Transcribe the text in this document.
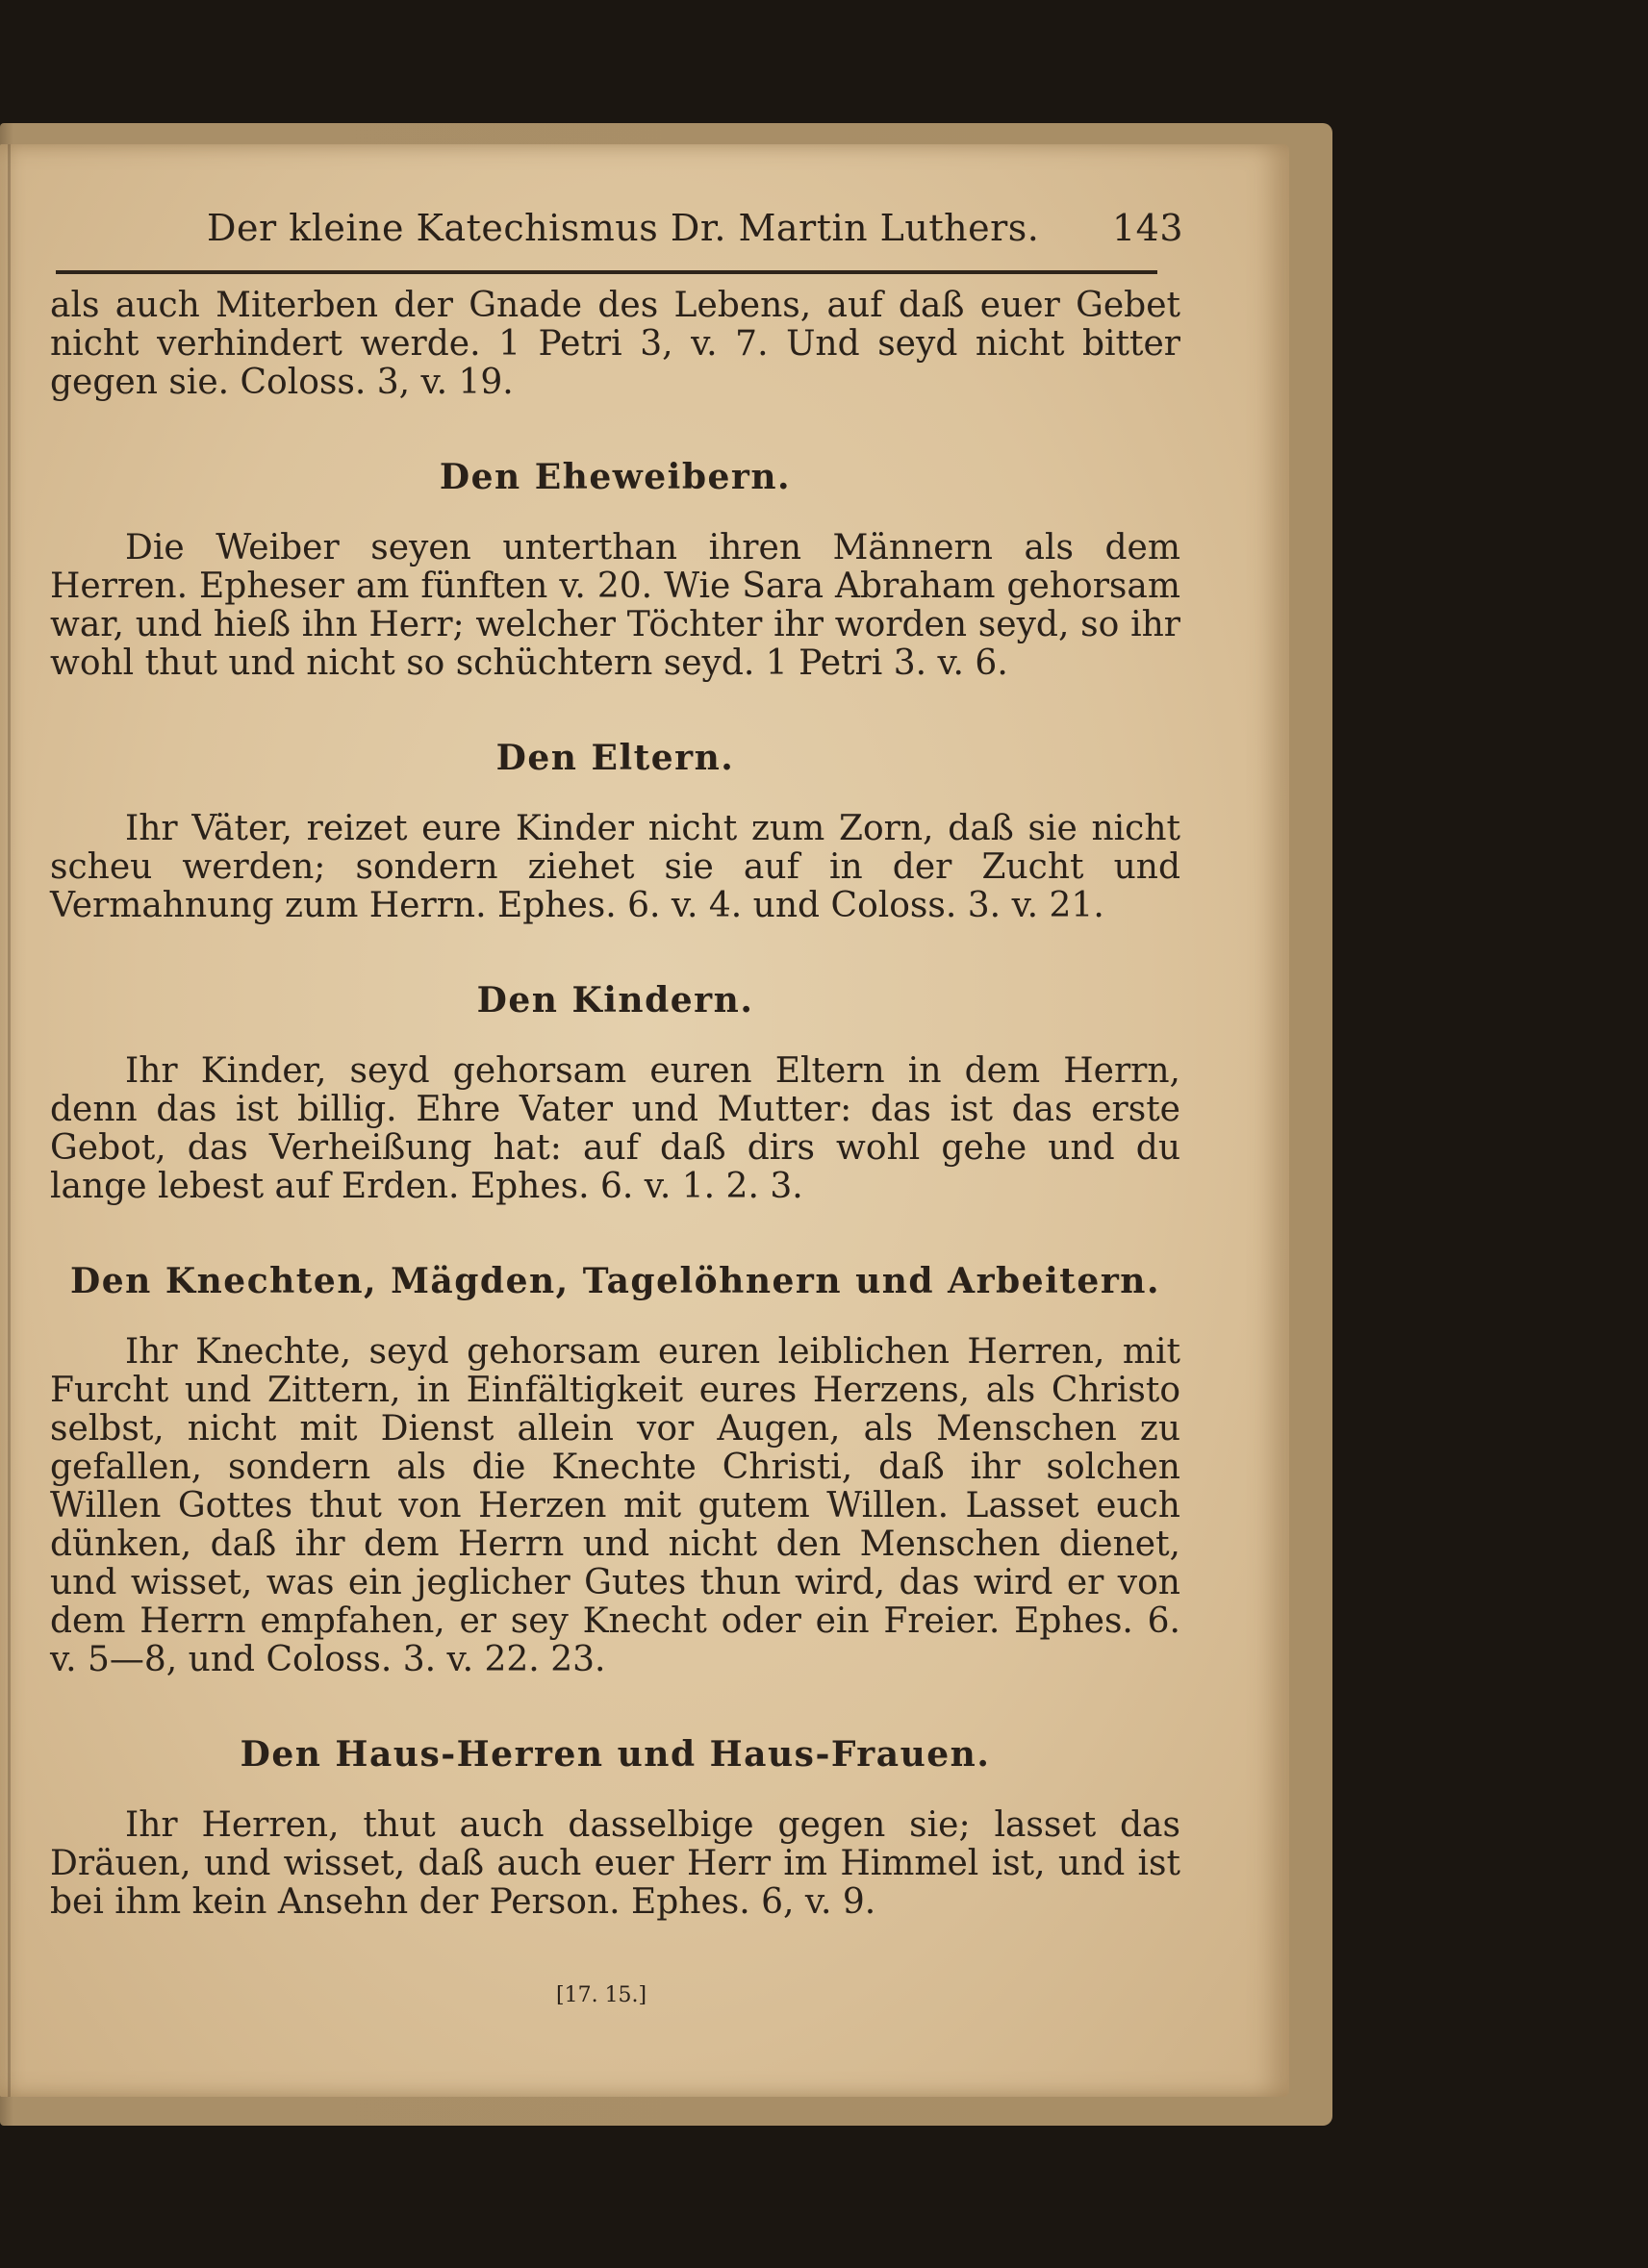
Der kleine Katechismus Dr. Martin Luthers. 143

als auch Miterben der Gnade des Lebens, auf daß euer Gebet nicht verhindert werde. 1 Petri 3, v. 7. Und seyd nicht bitter gegen sie. Coloss. 3, v. 19.

Den Eheweibern.

Die Weiber seyen unterthan ihren Männern als dem Herren. Epheser am fünften v. 20. Wie Sara Abraham gehorsam war, und hieß ihn Herr; welcher Töchter ihr worden seyd, so ihr wohl thut und nicht so schüchtern seyd. 1 Petri 3. v. 6.

Den Eltern.

Ihr Väter, reizet eure Kinder nicht zum Zorn, daß sie nicht scheu werden; sondern ziehet sie auf in der Zucht und Vermahnung zum Herrn. Ephes. 6. v. 4. und Coloss. 3. v. 21.

Den Kindern.

Ihr Kinder, seyd gehorsam euren Eltern in dem Herrn, denn das ist billig. Ehre Vater und Mutter: das ist das erste Gebot, das Verheißung hat: auf daß dirs wohl gehe und du lange lebest auf Erden. Ephes. 6. v. 1. 2. 3.

Den Knechten, Mägden, Tagelöhnern und Arbeitern.

Ihr Knechte, seyd gehorsam euren leiblichen Herren, mit Furcht und Zittern, in Einfältigkeit eures Herzens, als Christo selbst, nicht mit Dienst allein vor Augen, als Menschen zu gefallen, sondern als die Knechte Christi, daß ihr solchen Willen Gottes thut von Herzen mit gutem Willen. Lasset euch dünken, daß ihr dem Herrn und nicht den Menschen dienet, und wisset, was ein jeglicher Gutes thun wird, das wird er von dem Herrn empfahen, er sey Knecht oder ein Freier. Ephes. 6. v. 5—8, und Coloss. 3. v. 22. 23.

Den Haus-Herren und Haus-Frauen.

Ihr Herren, thut auch dasselbige gegen sie; lasset das Dräuen, und wisset, daß auch euer Herr im Himmel ist, und ist bei ihm kein Ansehn der Person. Ephes. 6, v. 9.

[17. 15.]
